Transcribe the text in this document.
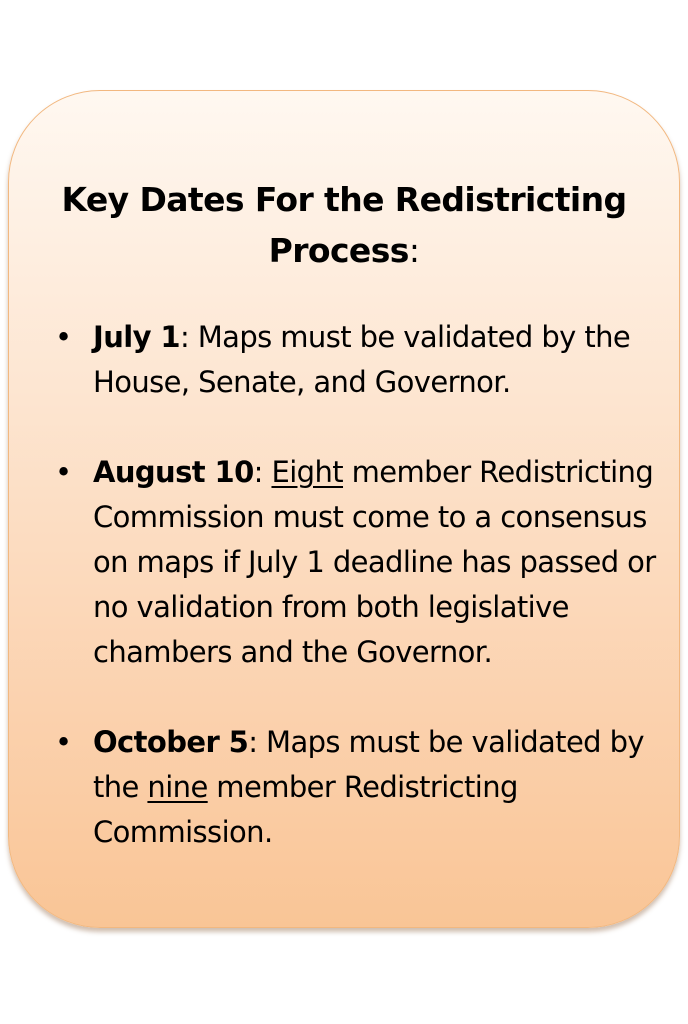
Key Dates For the Redistricting Process:
• July 1: Maps must be validated by the House, Senate, and Governor.
• August 10: Eight member Redistricting Commission must come to a consensus on maps if July 1 deadline has passed or no validation from both legislative chambers and the Governor.
• October 5: Maps must be validated by the nine member Redistricting Commission.
